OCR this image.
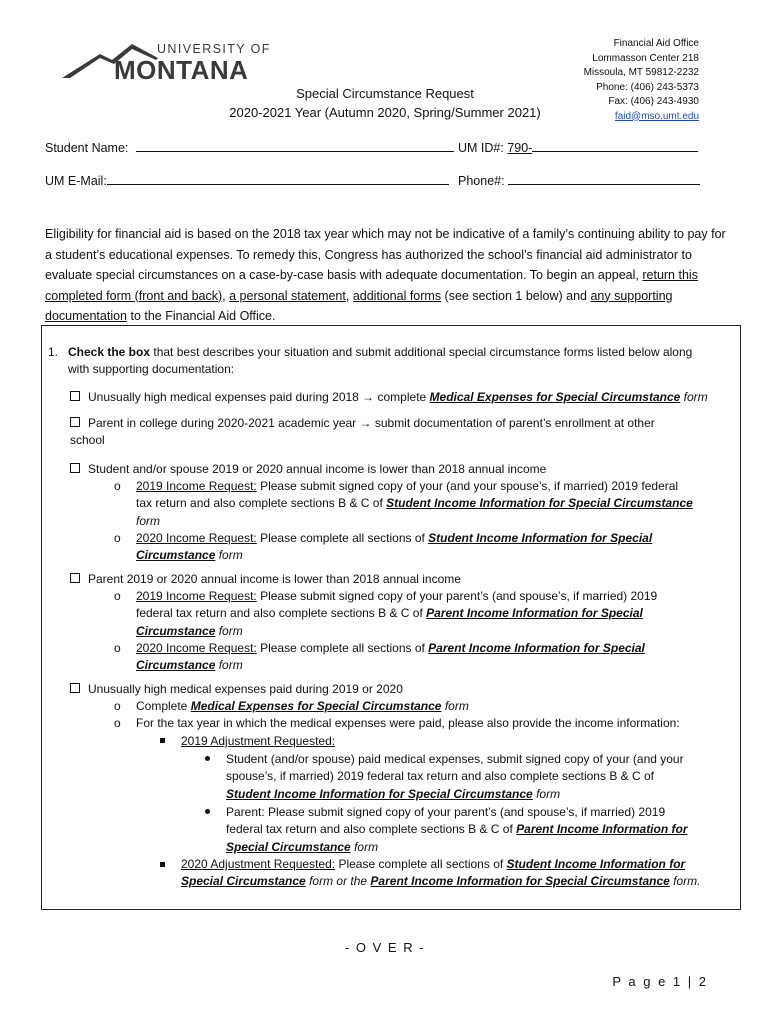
UNIVERSITY OF
MONTANA
Financial Aid Office
Lommasson Center 218
Missoula, MT 59812-2232
Phone: (406) 243-5373
Fax: (406) 243-4930
faid@mso.umt.edu
Special Circumstance Request
2020-2021 Year (Autumn 2020, Spring/Summer 2021)
Student Name:	UM ID#: 790-
UM E-Mail:	Phone#:
Eligibility for financial aid is based on the 2018 tax year which may not be indicative of a family’s continuing ability to pay for a student’s educational expenses. To remedy this, Congress has authorized the school’s financial aid administrator to evaluate special circumstances on a case-by-case basis with adequate documentation. To begin an appeal, return this completed form (front and back), a personal statement, additional forms (see section 1 below) and any supporting documentation to the Financial Aid Office.
1. Check the box that best describes your situation and submit additional special circumstance forms listed below along
with supporting documentation:
Unusually high medical expenses paid during 2018 → complete Medical Expenses for Special Circumstance form
Parent in college during 2020-2021 academic year → submit documentation of parent’s enrollment at other
school
Student and/or spouse 2019 or 2020 annual income is lower than 2018 annual income
o 2019 Income Request: Please submit signed copy of your (and your spouse’s, if married) 2019 federal
tax return and also complete sections B & C of Student Income Information for Special Circumstance
form
o 2020 Income Request: Please complete all sections of Student Income Information for Special
Circumstance form
Parent 2019 or 2020 annual income is lower than 2018 annual income
o 2019 Income Request: Please submit signed copy of your parent’s (and spouse’s, if married) 2019
federal tax return and also complete sections B & C of Parent Income Information for Special
Circumstance form
o 2020 Income Request: Please complete all sections of Parent Income Information for Special
Circumstance form
Unusually high medical expenses paid during 2019 or 2020
o Complete Medical Expenses for Special Circumstance form
o For the tax year in which the medical expenses were paid, please also provide the income information:
2019 Adjustment Requested:
Student (and/or spouse) paid medical expenses, submit signed copy of your (and your
spouse’s, if married) 2019 federal tax return and also complete sections B & C of
Student Income Information for Special Circumstance form
Parent: Please submit signed copy of your parent’s (and spouse’s, if married) 2019
federal tax return and also complete sections B & C of Parent Income Information for
Special Circumstance form
2020 Adjustment Requested: Please complete all sections of Student Income Information for
Special Circumstance form or the Parent Income Information for Special Circumstance form.
- O V E R -
P a g e 1 | 2
